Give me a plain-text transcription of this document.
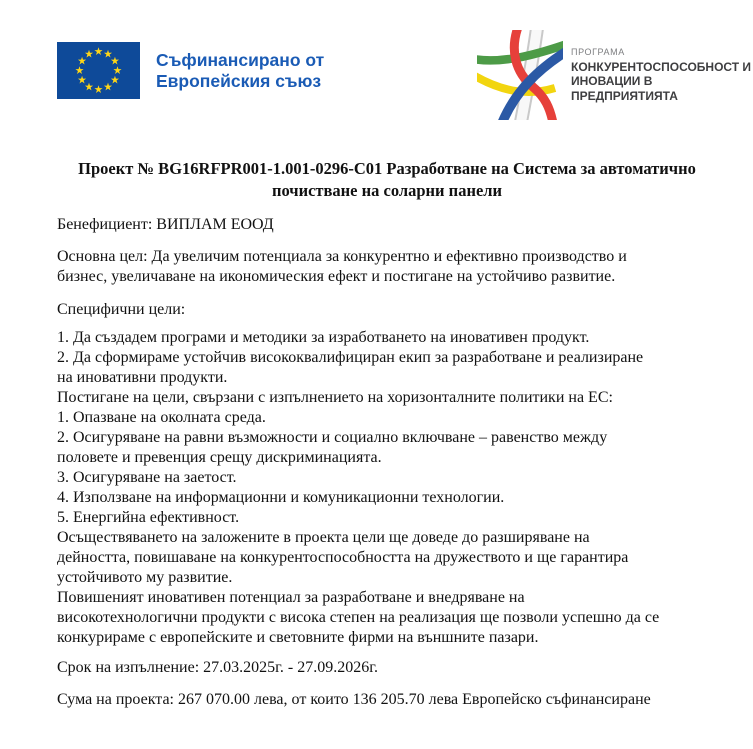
Съфинансирано от
Европейския съюз
ПРОГРАМА
КОНКУРЕНТОСПОСОБНОСТ И
ИНОВАЦИИ В ПРЕДПРИЯТИЯТА
Проект № BG16RFPR001-1.001-0296-C01 Разработване на Система за автоматично
почистване на соларни панели

Бенефициент: ВИПЛАМ ЕООД

Основна цел: Да увеличим потенциала за конкурентно и ефективно производство и
бизнес, увеличаване на икономическия ефект и постигане на устойчиво развитие.

Специфични цели:

1. Да създадем програми и методики за изработването на иновативен продукт.
2. Да сформираме устойчив висококвалифициран екип за разработване и реализиране
на иновативни продукти.
Постигане на цели, свързани с изпълнението на хоризонталните политики на ЕС:
1. Опазване на околната среда.
2. Осигуряване на равни възможности и социално включване – равенство между
половете и превенция срещу дискриминацията.
3. Осигуряване на заетост.
4. Използване на информационни и комуникационни технологии.
5. Енергийна ефективност.
Осъществяването на заложените в проекта цели ще доведе до разширяване на
дейността, повишаване на конкурентоспособността на дружеството и ще гарантира
устойчивото му развитие.
Повишеният иновативен потенциал за разработване и внедряване на
високотехнологични продукти с висока степен на реализация ще позволи успешно да се
конкурираме с европейските и световните фирми на външните пазари.

Срок на изпълнение: 27.03.2025г. - 27.09.2026г.

Сума на проекта: 267 070.00 лева, от които 136 205.70 лева Европейско съфинансиране
